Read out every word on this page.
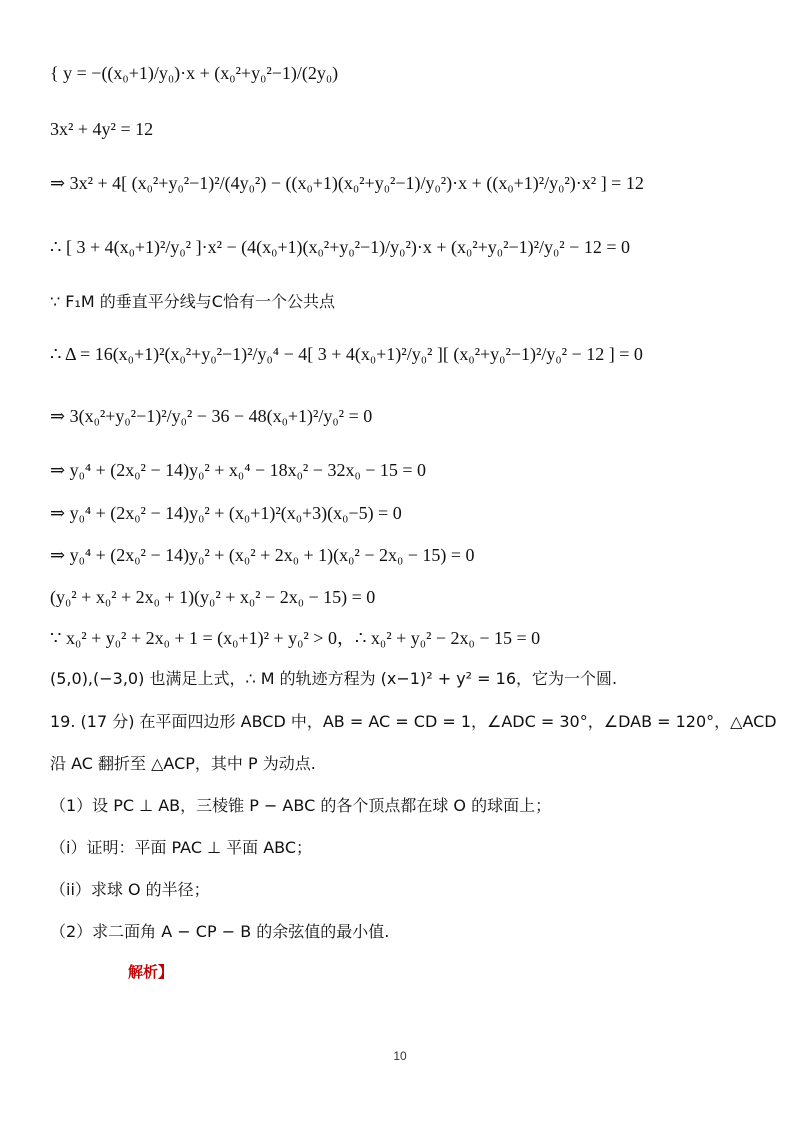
{ y = −((x₀+1)/y₀)·x + (x₀²+y₀²−1)/(2y₀)
3x² + 4y² = 12
⇒ 3x² + 4[ (x₀²+y₀²−1)²/(4y₀²) − ((x₀+1)(x₀²+y₀²−1)/y₀²)·x + ((x₀+1)²/y₀²)·x² ] = 12
∴ [ 3 + 4(x₀+1)²/y₀² ]·x² − (4(x₀+1)(x₀²+y₀²−1)/y₀²)·x + (x₀²+y₀²−1)²/y₀² − 12 = 0
∵ F₁M 的垂直平分线与C恰有一个公共点
∴ Δ = 16(x₀+1)²(x₀²+y₀²−1)²/y₀⁴ − 4[ 3 + 4(x₀+1)²/y₀² ][ (x₀²+y₀²−1)²/y₀² − 12 ] = 0
⇒ 3(x₀²+y₀²−1)²/y₀² − 36 − 48(x₀+1)²/y₀² = 0
⇒ y₀⁴ + (2x₀² − 14)y₀² + x₀⁴ − 18x₀² − 32x₀ − 15 = 0
⇒ y₀⁴ + (2x₀² − 14)y₀² + (x₀+1)²(x₀+3)(x₀−5) = 0
⇒ y₀⁴ + (2x₀² − 14)y₀² + (x₀² + 2x₀ + 1)(x₀² − 2x₀ − 15) = 0
(y₀² + x₀² + 2x₀ + 1)(y₀² + x₀² − 2x₀ − 15) = 0
∵ x₀² + y₀² + 2x₀ + 1 = (x₀+1)² + y₀² > 0，∴ x₀² + y₀² − 2x₀ − 15 = 0
(5,0),(−3,0) 也满足上式，∴ M 的轨迹方程为 (x−1)² + y² = 16，它为一个圆.
19. (17 分) 在平面四边形 ABCD 中，AB = AC = CD = 1，∠ADC = 30°，∠DAB = 120°，△ACD
沿 AC 翻折至 △ACP，其中 P 为动点.
（1）设 PC ⊥ AB，三棱锥 P − ABC 的各个顶点都在球 O 的球面上；
（i）证明：平面 PAC ⊥ 平面 ABC；
（ii）求球 O 的半径；
（2）求二面角 A − CP − B 的余弦值的最小值.
解析】
10
